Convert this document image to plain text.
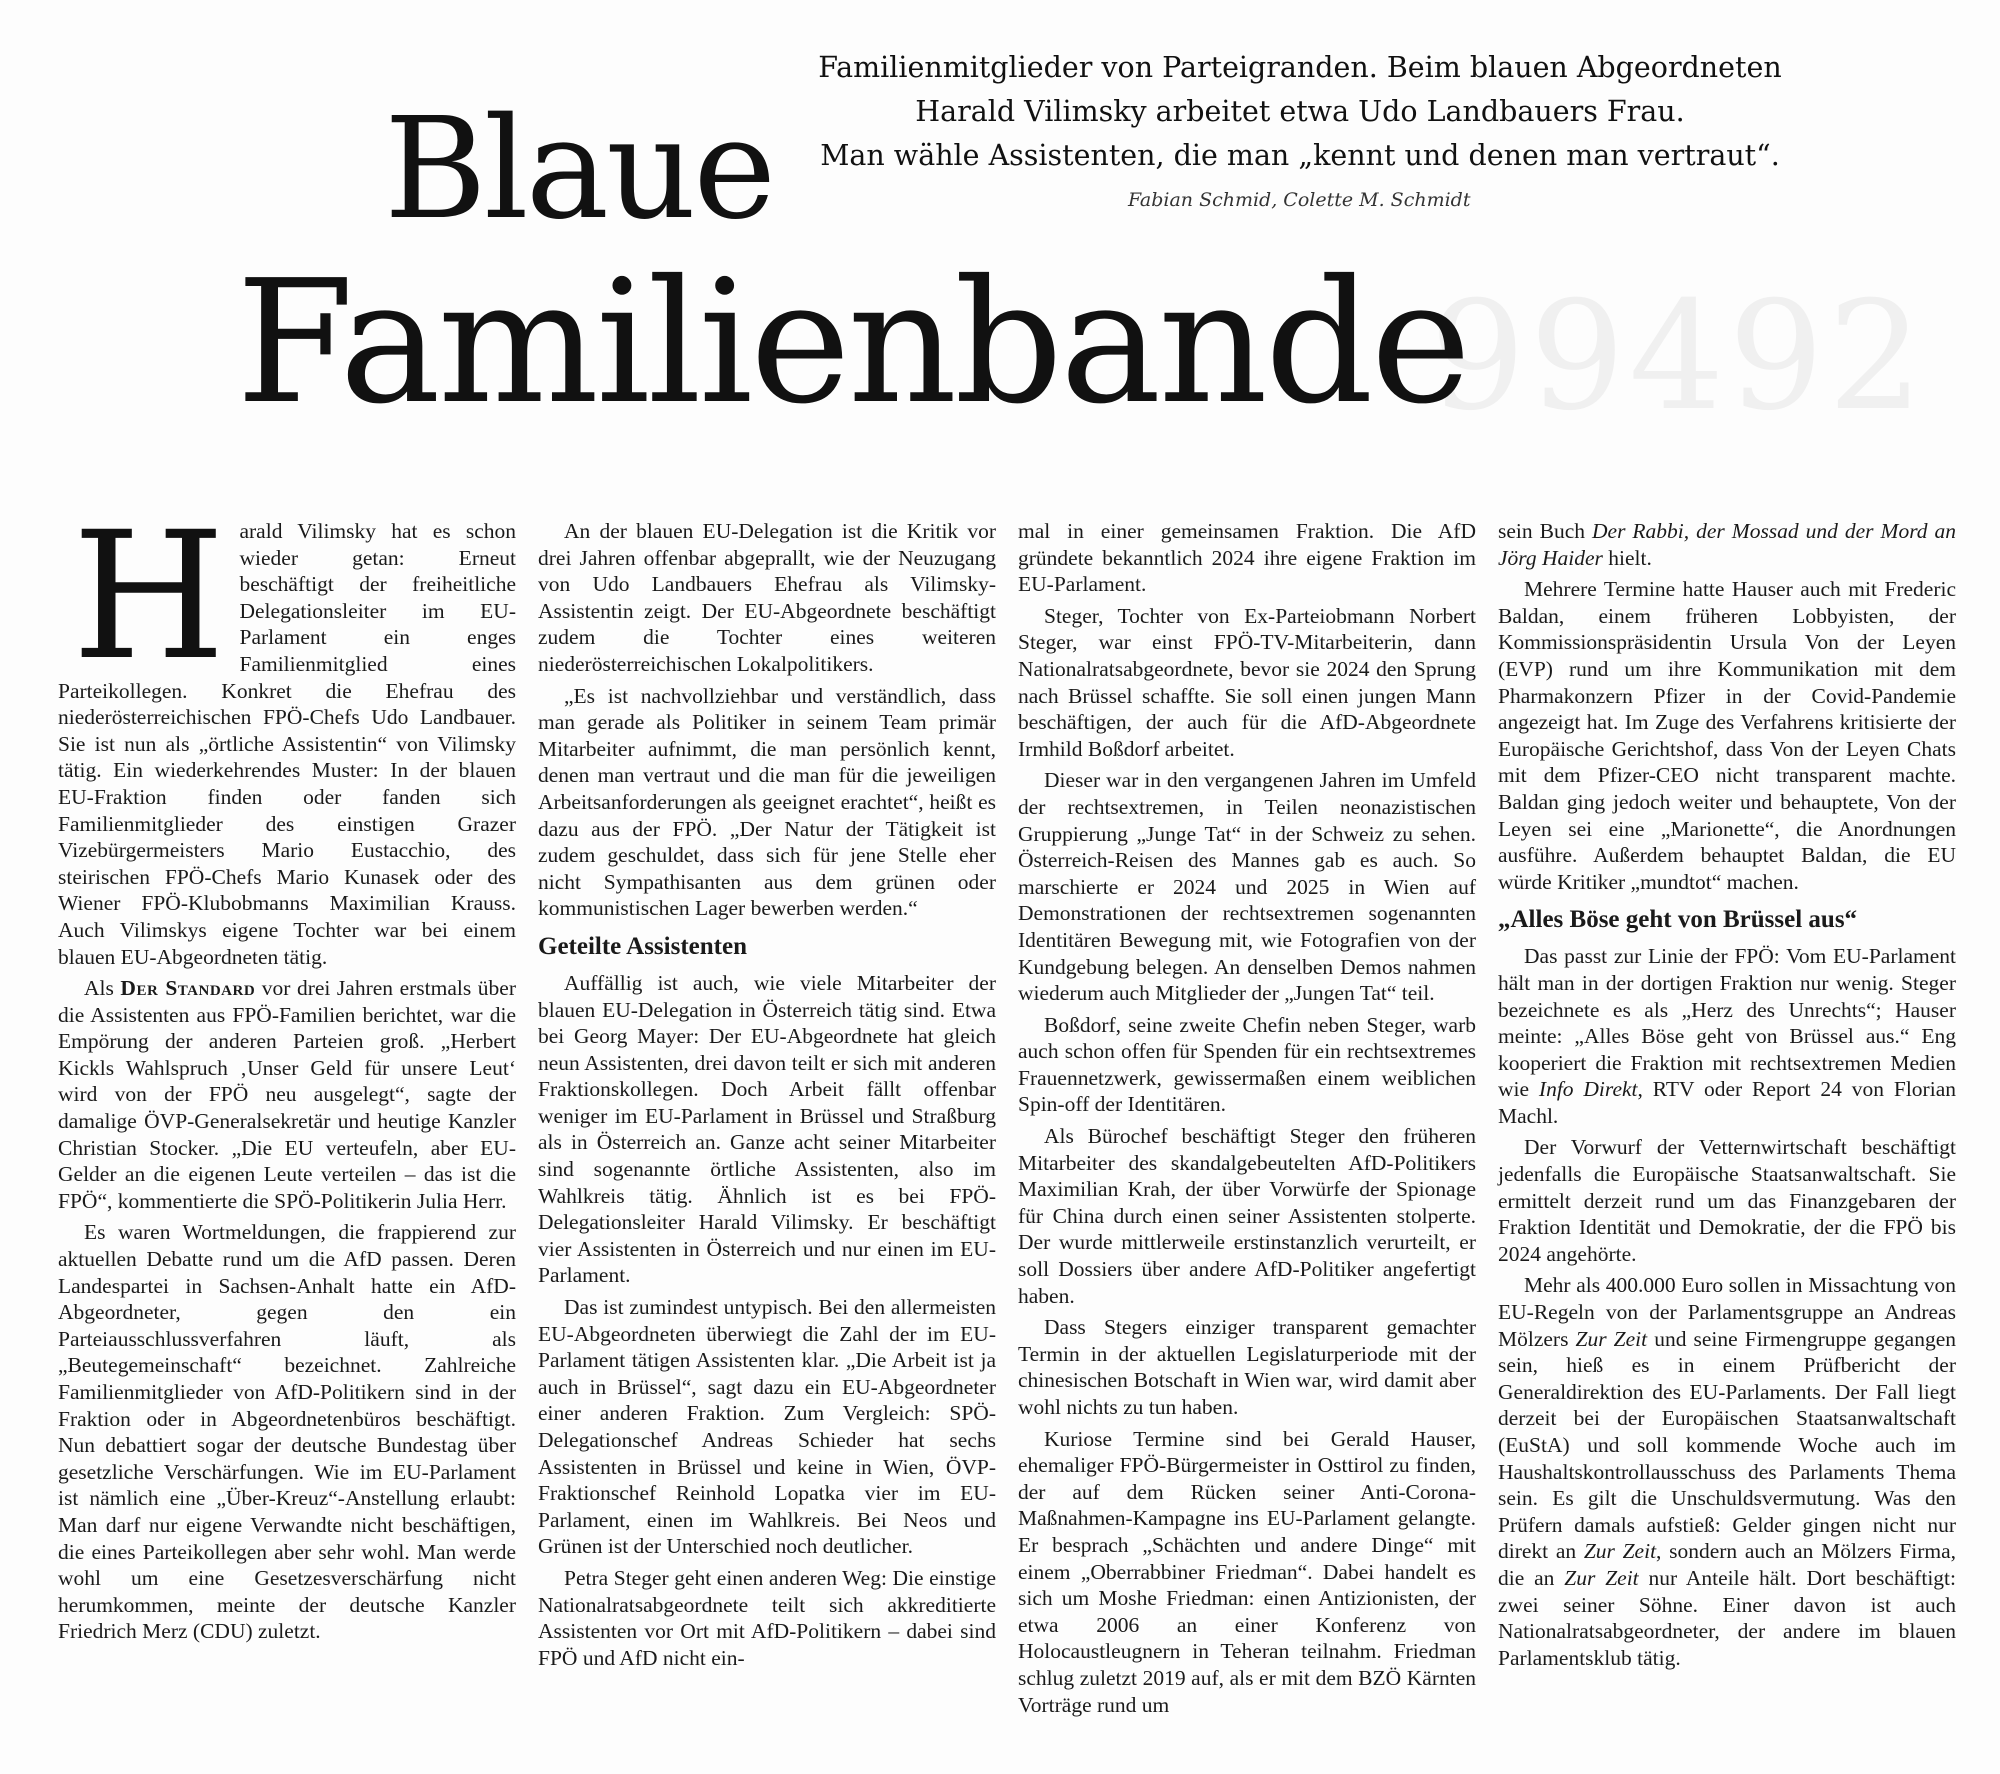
99492
Blaue
Familienbande
Familienmitglieder von Parteigranden. Beim blauen Abgeordneten
Harald Vilimsky arbeitet etwa Udo Landbauers Frau.
Man wähle Assistenten, die man „kennt und denen man vertraut“.
Fabian Schmid, Colette M. Schmidt

Harald Vilimsky hat es schon wieder getan: Erneut beschäftigt der freiheitliche Delegationsleiter im EU-Parlament ein enges Familienmitglied eines Parteikollegen. Konkret die Ehefrau des niederösterreichischen FPÖ-Chefs Udo Landbauer. Sie ist nun als „örtliche Assistentin“ von Vilimsky tätig. Ein wiederkehrendes Muster: In der blauen EU-Fraktion finden oder fanden sich Familienmitglieder des einstigen Grazer Vizebürgermeisters Mario Eustacchio, des steirischen FPÖ-Chefs Mario Kunasek oder des Wiener FPÖ-Klubobmanns Maximilian Krauss. Auch Vilimskys eigene Tochter war bei einem blauen EU-Abgeordneten tätig.

Als Der Standard vor drei Jahren erstmals über die Assistenten aus FPÖ-Familien berichtet, war die Empörung der anderen Parteien groß. „Herbert Kickls Wahlspruch ‚Unser Geld für unsere Leut‘ wird von der FPÖ neu ausgelegt“, sagte der damalige ÖVP-Generalsekretär und heutige Kanzler Christian Stocker. „Die EU verteufeln, aber EU-Gelder an die eigenen Leute verteilen – das ist die FPÖ“, kommentierte die SPÖ-Politikerin Julia Herr.

Es waren Wortmeldungen, die frappierend zur aktuellen Debatte rund um die AfD passen. Deren Landespartei in Sachsen-Anhalt hatte ein AfD-Abgeordneter, gegen den ein Parteiausschlussverfahren läuft, als „Beutegemeinschaft“ bezeichnet. Zahlreiche Familienmitglieder von AfD-Politikern sind in der Fraktion oder in Abgeordnetenbüros beschäftigt. Nun debattiert sogar der deutsche Bundestag über gesetzliche Verschärfungen. Wie im EU-Parlament ist nämlich eine „Über-Kreuz“-Anstellung erlaubt: Man darf nur eigene Verwandte nicht beschäftigen, die eines Parteikollegen aber sehr wohl. Man werde wohl um eine Gesetzesverschärfung nicht herumkommen, meinte der deutsche Kanzler Friedrich Merz (CDU) zuletzt.

An der blauen EU-Delegation ist die Kritik vor drei Jahren offenbar abgeprallt, wie der Neuzugang von Udo Landbauers Ehefrau als Vilimsky-Assistentin zeigt. Der EU-Abgeordnete beschäftigt zudem die Tochter eines weiteren niederösterreichischen Lokalpolitikers.

„Es ist nachvollziehbar und verständlich, dass man gerade als Politiker in seinem Team primär Mitarbeiter aufnimmt, die man persönlich kennt, denen man vertraut und die man für die jeweiligen Arbeitsanforderungen als geeignet erachtet“, heißt es dazu aus der FPÖ. „Der Natur der Tätigkeit ist zudem geschuldet, dass sich für jene Stelle eher nicht Sympathisanten aus dem grünen oder kommunistischen Lager bewerben werden.“

Geteilte Assistenten

Auffällig ist auch, wie viele Mitarbeiter der blauen EU-Delegation in Österreich tätig sind. Etwa bei Georg Mayer: Der EU-Abgeordnete hat gleich neun Assistenten, drei davon teilt er sich mit anderen Fraktionskollegen. Doch Arbeit fällt offenbar weniger im EU-Parlament in Brüssel und Straßburg als in Österreich an. Ganze acht seiner Mitarbeiter sind sogenannte örtliche Assistenten, also im Wahlkreis tätig. Ähnlich ist es bei FPÖ-Delegationsleiter Harald Vilimsky. Er beschäftigt vier Assistenten in Österreich und nur einen im EU-Parlament.

Das ist zumindest untypisch. Bei den allermeisten EU-Abgeordneten überwiegt die Zahl der im EU-Parlament tätigen Assistenten klar. „Die Arbeit ist ja auch in Brüssel“, sagt dazu ein EU-Abgeordneter einer anderen Fraktion. Zum Vergleich: SPÖ-Delegationschef Andreas Schieder hat sechs Assistenten in Brüssel und keine in Wien, ÖVP-Fraktionschef Reinhold Lopatka vier im EU-Parlament, einen im Wahlkreis. Bei Neos und Grünen ist der Unterschied noch deutlicher.

Petra Steger geht einen anderen Weg: Die einstige Nationalratsabgeordnete teilt sich akkreditierte Assistenten vor Ort mit AfD-Politikern – dabei sind FPÖ und AfD nicht ein-

mal in einer gemeinsamen Fraktion. Die AfD gründete bekanntlich 2024 ihre eigene Fraktion im EU-Parlament.

Steger, Tochter von Ex-Parteiobmann Norbert Steger, war einst FPÖ-TV-Mitarbeiterin, dann Nationalratsabgeordnete, bevor sie 2024 den Sprung nach Brüssel schaffte. Sie soll einen jungen Mann beschäftigen, der auch für die AfD-Abgeordnete Irmhild Boßdorf arbeitet.

Dieser war in den vergangenen Jahren im Umfeld der rechtsextremen, in Teilen neonazistischen Gruppierung „Junge Tat“ in der Schweiz zu sehen. Österreich-Reisen des Mannes gab es auch. So marschierte er 2024 und 2025 in Wien auf Demonstrationen der rechtsextremen sogenannten Identitären Bewegung mit, wie Fotografien von der Kundgebung belegen. An denselben Demos nahmen wiederum auch Mitglieder der „Jungen Tat“ teil.

Boßdorf, seine zweite Chefin neben Steger, warb auch schon offen für Spenden für ein rechtsextremes Frauennetzwerk, gewissermaßen einem weiblichen Spin-off der Identitären.

Als Bürochef beschäftigt Steger den früheren Mitarbeiter des skandalgebeutelten AfD-Politikers Maximilian Krah, der über Vorwürfe der Spionage für China durch einen seiner Assistenten stolperte. Der wurde mittlerweile erstinstanzlich verurteilt, er soll Dossiers über andere AfD-Politiker angefertigt haben.

Dass Stegers einziger transparent gemachter Termin in der aktuellen Legislaturperiode mit der chinesischen Botschaft in Wien war, wird damit aber wohl nichts zu tun haben.

Kuriose Termine sind bei Gerald Hauser, ehemaliger FPÖ-Bürgermeister in Osttirol zu finden, der auf dem Rücken seiner Anti-Corona-Maßnahmen-Kampagne ins EU-Parlament gelangte. Er besprach „Schächten und andere Dinge“ mit einem „Oberrabbiner Friedman“. Dabei handelt es sich um Moshe Friedman: einen Antizionisten, der etwa 2006 an einer Konferenz von Holocaustleugnern in Teheran teilnahm. Friedman schlug zuletzt 2019 auf, als er mit dem BZÖ Kärnten Vorträge rund um

sein Buch Der Rabbi, der Mossad und der Mord an Jörg Haider hielt.

Mehrere Termine hatte Hauser auch mit Frederic Baldan, einem früheren Lobbyisten, der Kommissionspräsidentin Ursula Von der Leyen (EVP) rund um ihre Kommunikation mit dem Pharmakonzern Pfizer in der Covid-Pandemie angezeigt hat. Im Zuge des Verfahrens kritisierte der Europäische Gerichtshof, dass Von der Leyen Chats mit dem Pfizer-CEO nicht transparent machte. Baldan ging jedoch weiter und behauptete, Von der Leyen sei eine „Marionette“, die Anordnungen ausführe. Außerdem behauptet Baldan, die EU würde Kritiker „mundtot“ machen.

„Alles Böse geht von Brüssel aus“

Das passt zur Linie der FPÖ: Vom EU-Parlament hält man in der dortigen Fraktion nur wenig. Steger bezeichnete es als „Herz des Unrechts“; Hauser meinte: „Alles Böse geht von Brüssel aus.“ Eng kooperiert die Fraktion mit rechtsextremen Medien wie Info Direkt, RTV oder Report 24 von Florian Machl.

Der Vorwurf der Vetternwirtschaft beschäftigt jedenfalls die Europäische Staatsanwaltschaft. Sie ermittelt derzeit rund um das Finanzgebaren der Fraktion Identität und Demokratie, der die FPÖ bis 2024 angehörte.

Mehr als 400.000 Euro sollen in Missachtung von EU-Regeln von der Parlamentsgruppe an Andreas Mölzers Zur Zeit und seine Firmengruppe gegangen sein, hieß es in einem Prüfbericht der Generaldirektion des EU-Parlaments. Der Fall liegt derzeit bei der Europäischen Staatsanwaltschaft (EuStA) und soll kommende Woche auch im Haushaltskontrollausschuss des Parlaments Thema sein. Es gilt die Unschuldsvermutung. Was den Prüfern damals aufstieß: Gelder gingen nicht nur direkt an Zur Zeit, sondern auch an Mölzers Firma, die an Zur Zeit nur Anteile hält. Dort beschäftigt: zwei seiner Söhne. Einer davon ist auch Nationalratsabgeordneter, der andere im blauen Parlamentsklub tätig.
